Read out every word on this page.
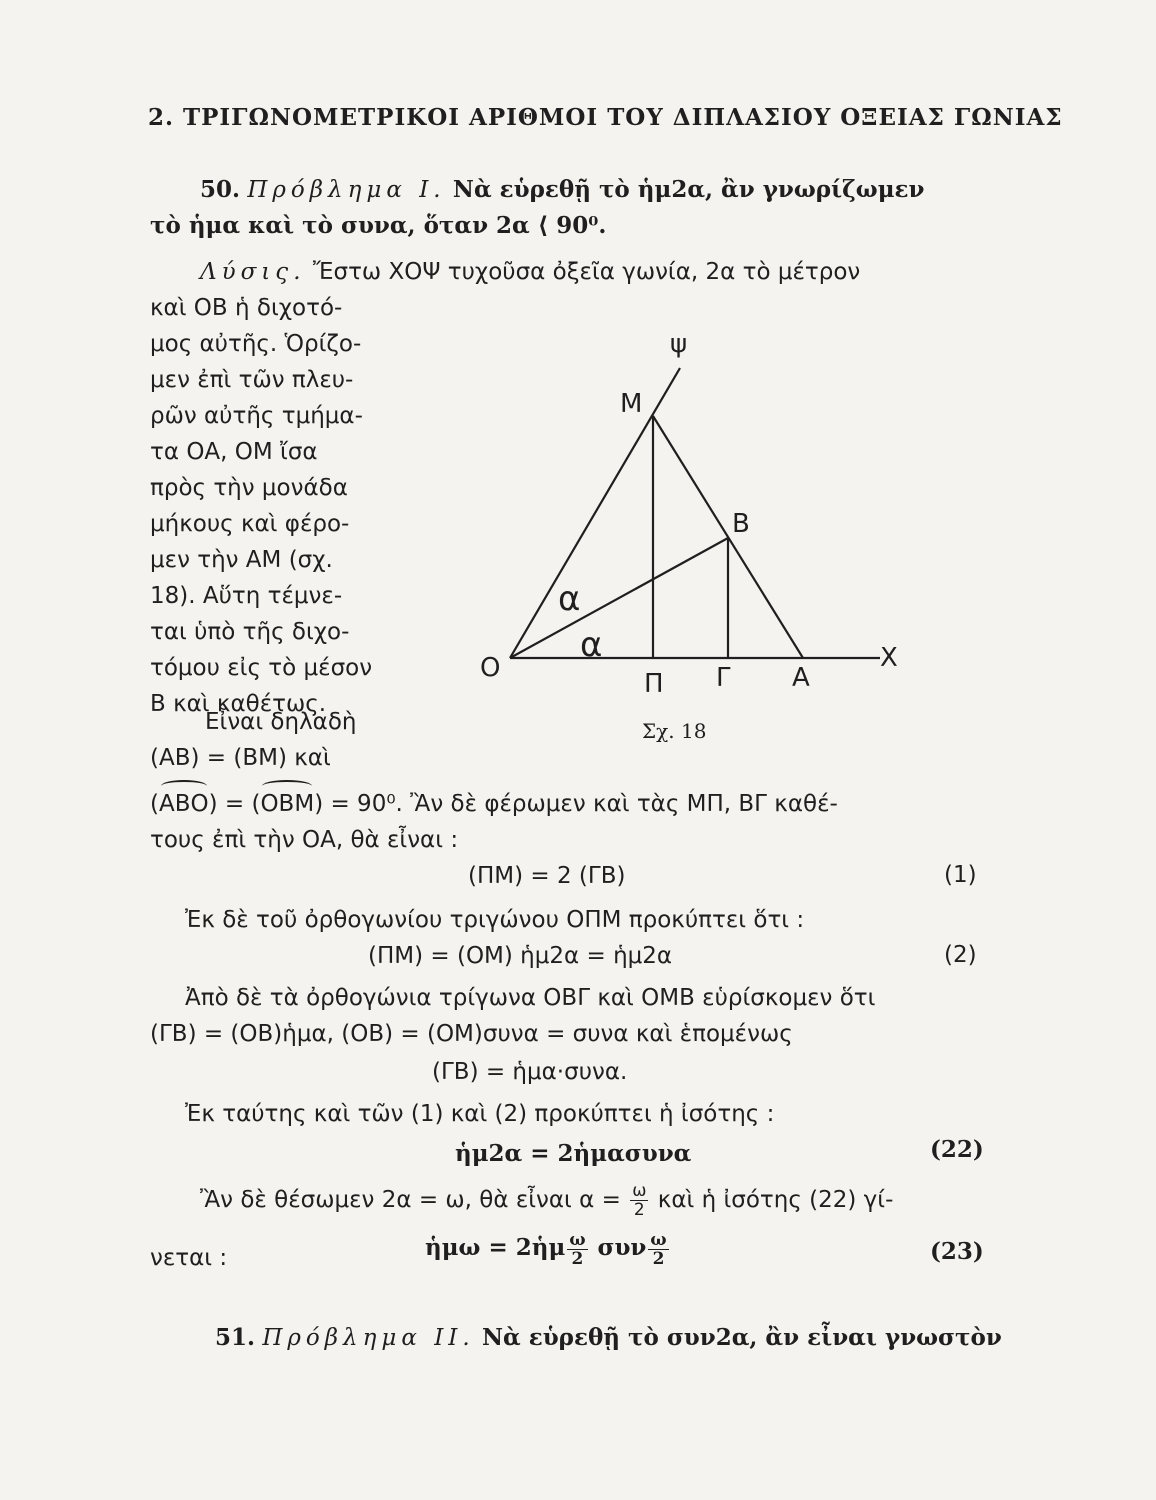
2. ΤΡΙΓΩΝΟΜΕΤΡΙΚΟΙ ΑΡΙΘΜΟΙ ΤΟΥ ΔΙΠΛΑΣΙΟΥ ΟΞΕΙΑΣ ΓΩΝΙΑΣ
50. Πρόβλημα Ι. Νὰ εὑρεθῇ τὸ ἡμ2α, ἂν γνωρίζωμεν
τὸ ἡμα καὶ τὸ συνα, ὅταν 2α ⟨ 90⁰.
Λύσις. Ἔστω ΧΟΨ τυχοῦσα ὀξεῖα γωνία, 2α τὸ μέτρον
καὶ ΟΒ ἡ διχοτό-
μος αὐτῆς. Ὁρίζο-
μεν ἐπὶ τῶν πλευ-
ρῶν αὐτῆς τμήμα-
τα ΟΑ, ΟΜ ἴσα
πρὸς τὴν μονάδα
μήκους καὶ φέρο-
μεν τὴν ΑΜ (σχ.
18). Αὕτη τέμνε-
ται ὑπὸ τῆς διχο-
τόμου εἰς τὸ μέσον
Β καὶ καθέτως.
Εἶναι δηλαδὴ
(ΑΒ) = (ΒΜ) καὶ
ψ
Μ
Β
Ο	Χ
Α
Π Γ
α
α
Σχ. 18
(ΑΒΟ) = (ΟΒΜ) = 90⁰. Ἂν δὲ φέρωμεν καὶ τὰς ΜΠ, ΒΓ καθέ-
τους ἐπὶ τὴν ΟΑ, θὰ εἶναι :
(ΠΜ) = 2 (ΓΒ)	(1)
Ἐκ δὲ τοῦ ὀρθογωνίου τριγώνου ΟΠΜ προκύπτει ὅτι :
(ΠΜ) = (ΟΜ) ἡμ2α = ἡμ2α	(2)
Ἀπὸ δὲ τὰ ὀρθογώνια τρίγωνα ΟΒΓ καὶ ΟΜΒ εὑρίσκομεν ὅτι
(ΓΒ) = (ΟΒ)ἡμα, (ΟΒ) = (ΟΜ)συνα = συνα καὶ ἑπομένως
(ΓΒ) = ἡμα·συνα.
Ἐκ ταύτης καὶ τῶν (1) καὶ (2) προκύπτει ἡ ἰσότης :
ἡμ2α = 2ἡμασυνα	(22)
Ἂν δὲ θέσωμεν 2α = ω, θὰ εἶναι $\alpha = \frac{\omega}{2}$ καὶ ἡ ἰσότης (22) γί-
νεται :	ἡμω = 2ἡμ $\frac{\omega}{2}$ συν $\frac{\omega}{2}$	(23)
51. Πρόβλημα ΙΙ. Νὰ εὑρεθῇ τὸ συν2α, ἂν εἶναι γνωστὸν
